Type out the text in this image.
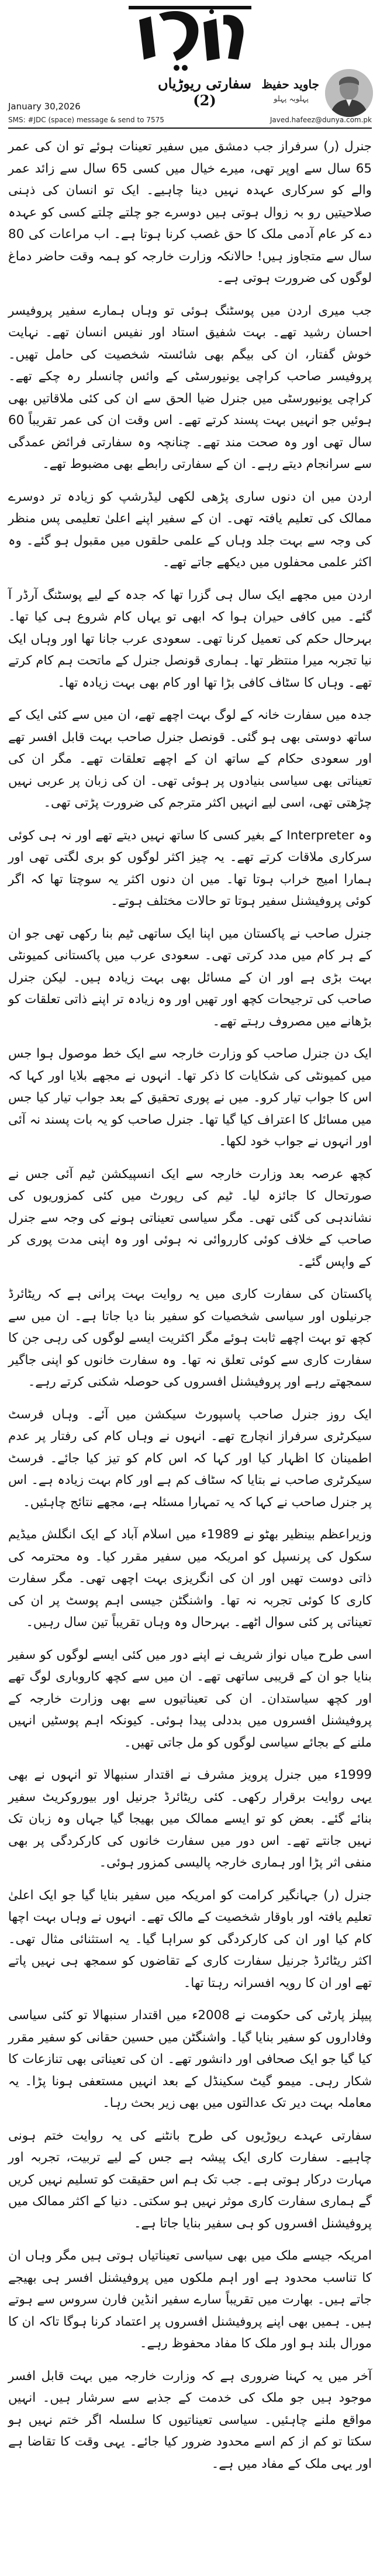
سفارتی ریوڑیاں (2)
جاوید حفیظ
پہلوبہ پہلو
January 30,2026
SMS: #JDC (space) message & send to 7575	Javed.hafeez@dunya.com.pk

جنرل (ر) سرفراز جب دمشق میں سفیر تعینات ہوئے تو ان کی عمر 65 سال سے اوپر تھی، میرے خیال میں کسی 65 سال سے زائد عمر والے کو سرکاری عہدہ نہیں دینا چاہیے۔ ایک تو انسان کی ذہنی صلاحیتیں رو بہ زوال ہوتی ہیں دوسرے جو چلتے چلتے کسی کو عہدہ دے کر عام آدمی ملک کا حق غصب کرنا ہوتا ہے۔ اب مراعات کی 80 سال سے متجاوز ہیں! حالانکہ وزارت خارجہ کو ہمہ وقت حاضر دماغ لوگوں کی ضرورت ہوتی ہے۔

جب میری اردن میں پوسٹنگ ہوئی تو وہاں ہمارے سفیر پروفیسر احسان رشید تھے۔ بہت شفیق استاد اور نفیس انسان تھے۔ نہایت خوش گفتار، ان کی بیگم بھی شائستہ شخصیت کی حامل تھیں۔ پروفیسر صاحب کراچی یونیورسٹی کے وائس چانسلر رہ چکے تھے۔ کراچی یونیورسٹی میں جنرل ضیا الحق سے ان کی کئی ملاقاتیں بھی ہوئیں جو انہیں بہت پسند کرتے تھے۔ اس وقت ان کی عمر تقریباً 60 سال تھی اور وہ صحت مند تھے۔ چنانچہ وہ سفارتی فرائض عمدگی سے سرانجام دیتے رہے۔ ان کے سفارتی رابطے بھی مضبوط تھے۔

اردن میں ان دنوں ساری پڑھی لکھی لیڈرشپ کو زیادہ تر دوسرے ممالک کی تعلیم یافتہ تھی۔ ان کے سفیر اپنے اعلیٰ تعلیمی پس منظر کی وجہ سے بہت جلد وہاں کے علمی حلقوں میں مقبول ہو گئے۔ وہ اکثر علمی محفلوں میں دیکھے جاتے تھے۔

اردن میں مجھے ایک سال ہی گزرا تھا کہ جدہ کے لیے پوسٹنگ آرڈر آ گئے۔ میں کافی حیران ہوا کہ ابھی تو یہاں کام شروع ہی کیا تھا۔ بہرحال حکم کی تعمیل کرنا تھی۔ سعودی عرب جانا تھا اور وہاں ایک نیا تجربہ میرا منتظر تھا۔ ہماری قونصل جنرل کے ماتحت ہم کام کرتے تھے۔ وہاں کا سٹاف کافی بڑا تھا اور کام بھی بہت زیادہ تھا۔

جدہ میں سفارت خانہ کے لوگ بہت اچھے تھے، ان میں سے کئی ایک کے ساتھ دوستی بھی ہو گئی۔ قونصل جنرل صاحب بہت قابل افسر تھے اور سعودی حکام کے ساتھ ان کے اچھے تعلقات تھے۔ مگر ان کی تعیناتی بھی سیاسی بنیادوں پر ہوئی تھی۔ ان کی زبان پر عربی نہیں چڑھتی تھی، اسی لیے انہیں اکثر مترجم کی ضرورت پڑتی تھی۔

وہ Interpreter کے بغیر کسی کا ساتھ نہیں دیتے تھے اور نہ ہی کوئی سرکاری ملاقات کرتے تھے۔ یہ چیز اکثر لوگوں کو بری لگتی تھی اور ہمارا امیج خراب ہوتا تھا۔ میں ان دنوں اکثر یہ سوچتا تھا کہ اگر کوئی پروفیشنل سفیر ہوتا تو حالات مختلف ہوتے۔

جنرل صاحب نے پاکستان میں اپنا ایک ساتھی ٹیم بنا رکھی تھی جو ان کے ہر کام میں مدد کرتی تھی۔ سعودی عرب میں پاکستانی کمیونٹی بہت بڑی ہے اور ان کے مسائل بھی بہت زیادہ ہیں۔ لیکن جنرل صاحب کی ترجیحات کچھ اور تھیں اور وہ زیادہ تر اپنے ذاتی تعلقات کو بڑھانے میں مصروف رہتے تھے۔

ایک دن جنرل صاحب کو وزارت خارجہ سے ایک خط موصول ہوا جس میں کمیونٹی کی شکایات کا ذکر تھا۔ انہوں نے مجھے بلایا اور کہا کہ اس کا جواب تیار کرو۔ میں نے پوری تحقیق کے بعد جواب تیار کیا جس میں مسائل کا اعتراف کیا گیا تھا۔ جنرل صاحب کو یہ بات پسند نہ آئی اور انہوں نے جواب خود لکھا۔

کچھ عرصہ بعد وزارت خارجہ سے ایک انسپیکشن ٹیم آئی جس نے صورتحال کا جائزہ لیا۔ ٹیم کی رپورٹ میں کئی کمزوریوں کی نشاندہی کی گئی تھی۔ مگر سیاسی تعیناتی ہونے کی وجہ سے جنرل صاحب کے خلاف کوئی کارروائی نہ ہوئی اور وہ اپنی مدت پوری کر کے واپس گئے۔

پاکستان کی سفارت کاری میں یہ روایت بہت پرانی ہے کہ ریٹائرڈ جرنیلوں اور سیاسی شخصیات کو سفیر بنا دیا جاتا ہے۔ ان میں سے کچھ تو بہت اچھے ثابت ہوئے مگر اکثریت ایسے لوگوں کی رہی جن کا سفارت کاری سے کوئی تعلق نہ تھا۔ وہ سفارت خانوں کو اپنی جاگیر سمجھتے رہے اور پروفیشنل افسروں کی حوصلہ شکنی کرتے رہے۔

ایک روز جنرل صاحب پاسپورٹ سیکشن میں آئے۔ وہاں فرسٹ سیکرٹری سرفراز انچارج تھے۔ انہوں نے وہاں کام کی رفتار پر عدم اطمینان کا اظہار کیا اور کہا کہ اس کام کو تیز کیا جائے۔ فرسٹ سیکرٹری صاحب نے بتایا کہ سٹاف کم ہے اور کام بہت زیادہ ہے۔ اس پر جنرل صاحب نے کہا کہ یہ تمہارا مسئلہ ہے، مجھے نتائج چاہئیں۔

وزیراعظم بینظیر بھٹو نے 1989ء میں اسلام آباد کے ایک انگلش میڈیم سکول کی پرنسپل کو امریکہ میں سفیر مقرر کیا۔ وہ محترمہ کی ذاتی دوست تھیں اور ان کی انگریزی بہت اچھی تھی۔ مگر سفارت کاری کا کوئی تجربہ نہ تھا۔ واشنگٹن جیسی اہم پوسٹ پر ان کی تعیناتی پر کئی سوال اٹھے۔ بہرحال وہ وہاں تقریباً تین سال رہیں۔

اسی طرح میاں نواز شریف نے اپنے دور میں کئی ایسے لوگوں کو سفیر بنایا جو ان کے قریبی ساتھی تھے۔ ان میں سے کچھ کاروباری لوگ تھے اور کچھ سیاستدان۔ ان کی تعیناتیوں سے بھی وزارت خارجہ کے پروفیشنل افسروں میں بددلی پیدا ہوئی۔ کیونکہ اہم پوسٹیں انہیں ملنے کے بجائے سیاسی لوگوں کو مل جاتی تھیں۔

1999ء میں جنرل پرویز مشرف نے اقتدار سنبھالا تو انہوں نے بھی یہی روایت برقرار رکھی۔ کئی ریٹائرڈ جرنیل اور بیوروکریٹ سفیر بنائے گئے۔ بعض کو تو ایسے ممالک میں بھیجا گیا جہاں وہ زبان تک نہیں جانتے تھے۔ اس دور میں سفارت خانوں کی کارکردگی پر بھی منفی اثر پڑا اور ہماری خارجہ پالیسی کمزور ہوئی۔

جنرل (ر) جہانگیر کرامت کو امریکہ میں سفیر بنایا گیا جو ایک اعلیٰ تعلیم یافتہ اور باوقار شخصیت کے مالک تھے۔ انہوں نے وہاں بہت اچھا کام کیا اور ان کی کارکردگی کو سراہا گیا۔ یہ استثنائی مثال تھی۔ اکثر ریٹائرڈ جرنیل سفارت کاری کے تقاضوں کو سمجھ ہی نہیں پاتے تھے اور ان کا رویہ افسرانہ رہتا تھا۔

پیپلز پارٹی کی حکومت نے 2008ء میں اقتدار سنبھالا تو کئی سیاسی وفاداروں کو سفیر بنایا گیا۔ واشنگٹن میں حسین حقانی کو سفیر مقرر کیا گیا جو ایک صحافی اور دانشور تھے۔ ان کی تعیناتی بھی تنازعات کا شکار رہی۔ میمو گیٹ سکینڈل کے بعد انہیں مستعفی ہونا پڑا۔ یہ معاملہ بہت دیر تک عدالتوں میں بھی زیر بحث رہا۔

سفارتی عہدے ریوڑیوں کی طرح بانٹنے کی یہ روایت ختم ہونی چاہیے۔ سفارت کاری ایک پیشہ ہے جس کے لیے تربیت، تجربہ اور مہارت درکار ہوتی ہے۔ جب تک ہم اس حقیقت کو تسلیم نہیں کریں گے ہماری سفارت کاری موثر نہیں ہو سکتی۔ دنیا کے اکثر ممالک میں پروفیشنل افسروں کو ہی سفیر بنایا جاتا ہے۔

امریکہ جیسے ملک میں بھی سیاسی تعیناتیاں ہوتی ہیں مگر وہاں ان کا تناسب محدود ہے اور اہم ملکوں میں پروفیشنل افسر ہی بھیجے جاتے ہیں۔ بھارت میں تقریباً سارے سفیر انڈین فارن سروس سے ہوتے ہیں۔ ہمیں بھی اپنے پروفیشنل افسروں پر اعتماد کرنا ہوگا تاکہ ان کا مورال بلند ہو اور ملک کا مفاد محفوظ رہے۔

آخر میں یہ کہنا ضروری ہے کہ وزارت خارجہ میں بہت قابل افسر موجود ہیں جو ملک کی خدمت کے جذبے سے سرشار ہیں۔ انہیں مواقع ملنے چاہئیں۔ سیاسی تعیناتیوں کا سلسلہ اگر ختم نہیں ہو سکتا تو کم از کم اسے محدود ضرور کیا جائے۔ یہی وقت کا تقاضا ہے اور یہی ملک کے مفاد میں ہے۔
